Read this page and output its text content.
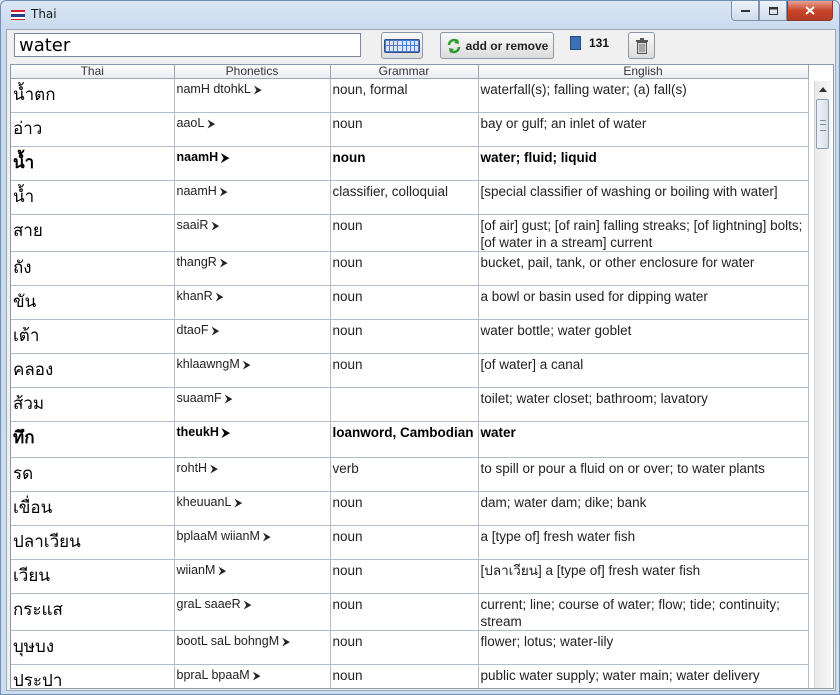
Thai
water
add or remove	131
Thai	Phonetics	Grammar	English
น้ำตก	namH dtohkL ⮞	noun, formal	waterfall(s); falling water; (a) fall(s)
อ่าว	aaoL ⮞	noun	bay or gulf; an inlet of water
น้ำ	naamH ⮞	noun	water; fluid; liquid
น้ำ	naamH ⮞	classifier, colloquial	[special classifier of washing or boiling with water]
สาย	saaiR ⮞	noun	[of air] gust; [of rain] falling streaks; [of lightning] bolts; [of water in a stream] current
ถัง	thangR ⮞	noun	bucket, pail, tank, or other enclosure for water
ขัน	khanR ⮞	noun	a bowl or basin used for dipping water
เต้า	dtaoF ⮞	noun	water bottle; water goblet
คลอง	khlaawngM ⮞	noun	[of water] a canal
ส้วม	suaamF ⮞		toilet; water closet; bathroom; lavatory
ทึก	theukH ⮞	loanword, Cambodian	water
รด	rohtH ⮞	verb	to spill or pour a fluid on or over; to water plants
เขื่อน	kheuuanL ⮞	noun	dam; water dam; dike; bank
ปลาเวียน	bplaaM wiianM ⮞	noun	a [type of] fresh water fish
เวียน	wiianM ⮞	noun	[ปลาเวียน] a [type of] fresh water fish
กระแส	graL saaeR ⮞	noun	current; line; course of water; flow; tide; continuity; stream
บุษบง	bootL saL bohngM ⮞	noun	flower; lotus; water-lily
ประปา	bpraL bpaaM ⮞	noun	public water supply; water main; water delivery
